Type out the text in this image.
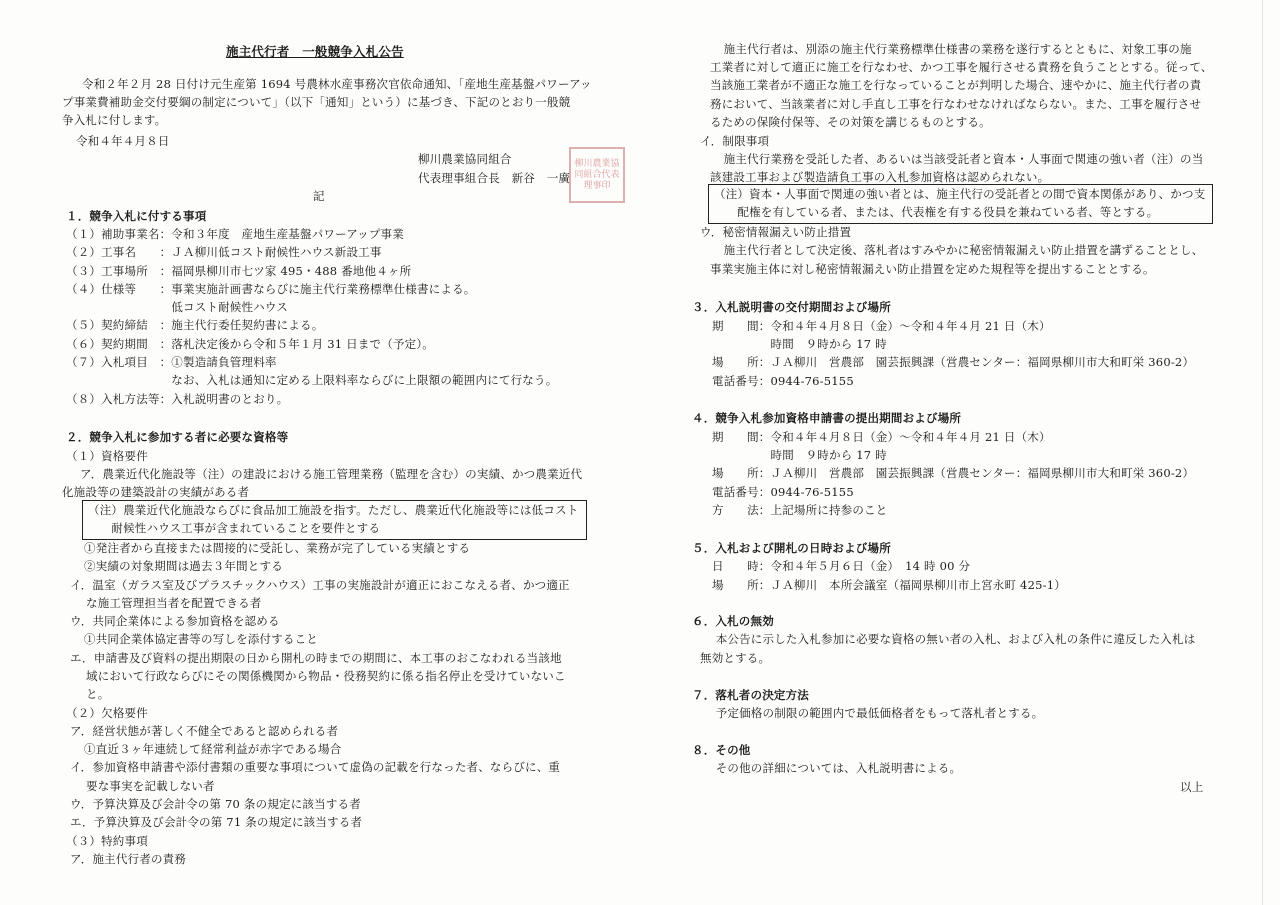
施主代行者　一般競争入札公告
令和２年２月 28 日付け元生産第 1694 号農林水産事務次官依命通知、「産地生産基盤パワーアッ
プ事業費補助金交付要綱の制定について」（以下「通知」という）に基づき、下記のとおり一般競
争入札に付します。
令和４年４月８日
柳川農業協同組合
代表理事組合長　新谷　一廣
記
柳川農業協同組合代表理事印
１．競争入札に付する事項
（１）補助事業名：令和３年度　産地生産基盤パワーアップ事業
（２）工事名　　：ＪＡ柳川低コスト耐候性ハウス新設工事
（３）工事場所　：福岡県柳川市七ツ家 495・488 番地他４ヶ所
（４）仕様等　　：事業実施計画書ならびに施主代行業務標準仕様書による。
　　　　　　　　　低コスト耐候性ハウス
（５）契約締結　：施主代行委任契約書による。
（６）契約期間　：落札決定後から令和５年１月 31 日まで（予定）。
（７）入札項目　：①製造請負管理料率
　　　　　　　　　なお、入札は通知に定める上限料率ならびに上限額の範囲内にて行なう。
（８）入札方法等：入札説明書のとおり。
２．競争入札に参加する者に必要な資格等
（１）資格要件
ア．農業近代化施設等（注）の建設における施工管理業務（監理を含む）の実績、かつ農業近代
化施設等の建築設計の実績がある者
（注）農業近代化施設ならびに食品加工施設を指す。ただし、農業近代化施設等には低コスト
　　耐候性ハウス工事が含まれていることを要件とする
①発注者から直接または間接的に受託し、業務が完了している実績とする
②実績の対象期間は過去３年間とする
イ．温室（ガラス室及びプラスチックハウス）工事の実施設計が適正におこなえる者、かつ適正
な施工管理担当者を配置できる者
ウ．共同企業体による参加資格を認める
①共同企業体協定書等の写しを添付すること
エ．申請書及び資料の提出期限の日から開札の時までの期間に、本工事のおこなわれる当該地
域において行政ならびにその関係機関から物品・役務契約に係る指名停止を受けていないこ
と。
（２）欠格要件
ア．経営状態が著しく不健全であると認められる者
①直近３ヶ年連続して経常利益が赤字である場合
イ．参加資格申請書や添付書類の重要な事項について虚偽の記載を行なった者、ならびに、重
要な事実を記載しない者
ウ．予算決算及び会計令の第 70 条の規定に該当する者
エ．予算決算及び会計令の第 71 条の規定に該当する者
（３）特約事項
ア．施主代行者の責務
　施主代行者は、別添の施主代行業務標準仕様書の業務を遂行するとともに、対象工事の施
工業者に対して適正に施工を行なわせ、かつ工事を履行させる責務を負うこととする。従って、
当該施工業者が不適正な施工を行なっていることが判明した場合、速やかに、施主代行者の責
務において、当該業者に対し手直し工事を行なわせなければならない。また、工事を履行させ
るための保険付保等、その対策を講じるものとする。
イ．制限事項
　施主代行業務を受託した者、あるいは当該受託者と資本・人事面で関連の強い者（注）の当
該建設工事および製造請負工事の入札参加資格は認められない。
（注）資本・人事面で関連の強い者とは、施主代行の受託者との間で資本関係があり、かつ支
　　配権を有している者、または、代表権を有する役員を兼ねている者、等とする。
ウ．秘密情報漏えい防止措置
　施主代行者として決定後、落札者はすみやかに秘密情報漏えい防止措置を講ずることとし、
事業実施主体に対し秘密情報漏えい防止措置を定めた規程等を提出することとする。
３．入札説明書の交付期間および場所
期　　間：令和４年４月８日（金）～令和４年４月 21 日（木）
　　　　　時間　９時から 17 時
場　　所：ＪＡ柳川　営農部　園芸振興課（営農センター：福岡県柳川市大和町栄 360-2）
電話番号：0944-76-5155
４．競争入札参加資格申請書の提出期間および場所
期　　間：令和４年４月８日（金）～令和４年４月 21 日（木）
　　　　　時間　９時から 17 時
場　　所：ＪＡ柳川　営農部　園芸振興課（営農センター：福岡県柳川市大和町栄 360-2）
電話番号：0944-76-5155
方　　法：上記場所に持参のこと
５．入札および開札の日時および場所
日　　時：令和４年５月６日（金）　14 時 00 分
場　　所：ＪＡ柳川　本所会議室（福岡県柳川市上宮永町 425-1）
６．入札の無効
　本公告に示した入札参加に必要な資格の無い者の入札、および入札の条件に違反した入札は
無効とする。
７．落札者の決定方法
　予定価格の制限の範囲内で最低価格者をもって落札者とする。
８．その他
　その他の詳細については、入札説明書による。
以上
